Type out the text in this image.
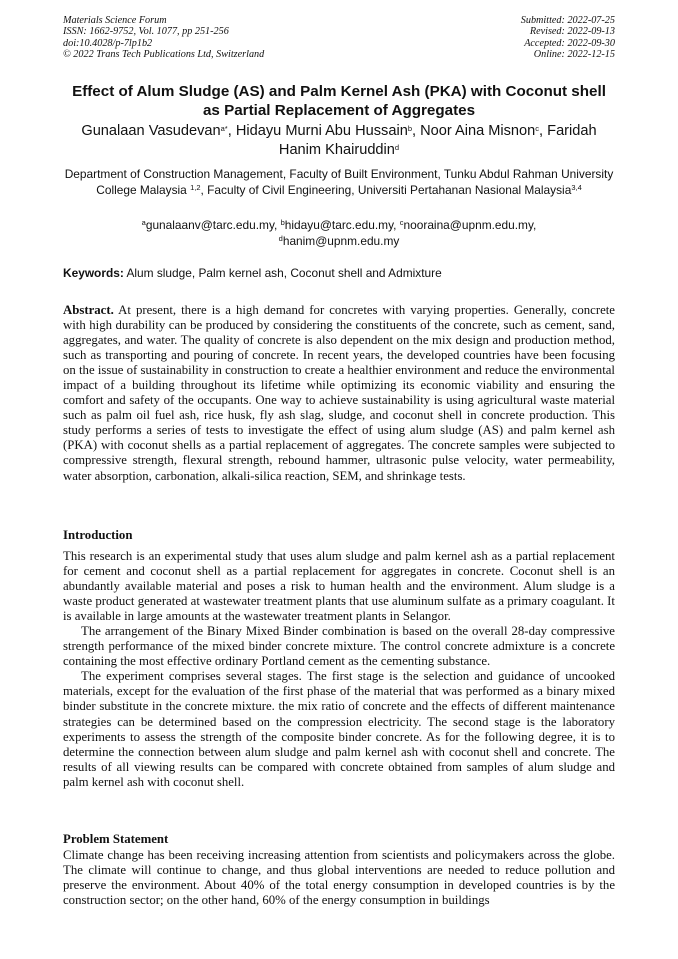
Materials Science Forum
ISSN: 1662-9752, Vol. 1077, pp 251-256
doi:10.4028/p-7lp1b2
© 2022 Trans Tech Publications Ltd, Switzerland
Submitted: 2022-07-25
Revised: 2022-09-13
Accepted: 2022-09-30
Online: 2022-12-15
Effect of Alum Sludge (AS) and Palm Kernel Ash (PKA) with Coconut shell as Partial Replacement of Aggregates
Gunalaan Vasudevan$^{a*}$, Hidayu Murni Abu Hussain$^b$, Noor Aina Misnon$^c$, Faridah Hanim Khairuddin$^d$
Department of Construction Management, Faculty of Built Environment, Tunku Abdul Rahman University College Malaysia $^{1,2}$, Faculty of Civil Engineering, Universiti Pertahanan Nasional Malaysia$^{3,4}$
$^a$gunalaanv@tarc.edu.my, $^b$hidayu@tarc.edu.my, $^c$nooraina@upnm.edu.my,
$^d$hanim@upnm.edu.my
Keywords: Alum sludge, Palm kernel ash, Coconut shell and Admixture

Abstract. At present, there is a high demand for concretes with varying properties. Generally, concrete with high durability can be produced by considering the constituents of the concrete, such as cement, sand, aggregates, and water. The quality of concrete is also dependent on the mix design and production method, such as transporting and pouring of concrete. In recent years, the developed countries have been focusing on the issue of sustainability in construction to create a healthier environment and reduce the environmental impact of a building throughout its lifetime while optimizing its economic viability and ensuring the comfort and safety of the occupants. One way to achieve sustainability is using agricultural waste material such as palm oil fuel ash, rice husk, fly ash slag, sludge, and coconut shell in concrete production. This study performs a series of tests to investigate the effect of using alum sludge (AS) and palm kernel ash (PKA) with coconut shells as a partial replacement of aggregates. The concrete samples were subjected to compressive strength, flexural strength, rebound hammer, ultrasonic pulse velocity, water permeability, water absorption, carbonation, alkali-silica reaction, SEM, and shrinkage tests.

Introduction

This research is an experimental study that uses alum sludge and palm kernel ash as a partial replacement for cement and coconut shell as a partial replacement for aggregates in concrete. Coconut shell is an abundantly available material and poses a risk to human health and the environment. Alum sludge is a waste product generated at wastewater treatment plants that use aluminum sulfate as a primary coagulant. It is available in large amounts at the wastewater treatment plants in Selangor.

The arrangement of the Binary Mixed Binder combination is based on the overall 28-day compressive strength performance of the mixed binder concrete mixture. The control concrete admixture is a concrete containing the most effective ordinary Portland cement as the cementing substance.

The experiment comprises several stages. The first stage is the selection and guidance of uncooked materials, except for the evaluation of the first phase of the material that was performed as a binary mixed binder substitute in the concrete mixture. the mix ratio of concrete and the effects of different maintenance strategies can be determined based on the compression electricity. The second stage is the laboratory experiments to assess the strength of the composite binder concrete. As for the following degree, it is to determine the connection between alum sludge and palm kernel ash with coconut shell and concrete. The results of all viewing results can be compared with concrete obtained from samples of alum sludge and palm kernel ash with coconut shell.

Problem Statement

Climate change has been receiving increasing attention from scientists and policymakers across the globe. The climate will continue to change, and thus global interventions are needed to reduce pollution and preserve the environment. About 40% of the total energy consumption in developed countries is by the construction sector; on the other hand, 60% of the energy consumption in buildings
